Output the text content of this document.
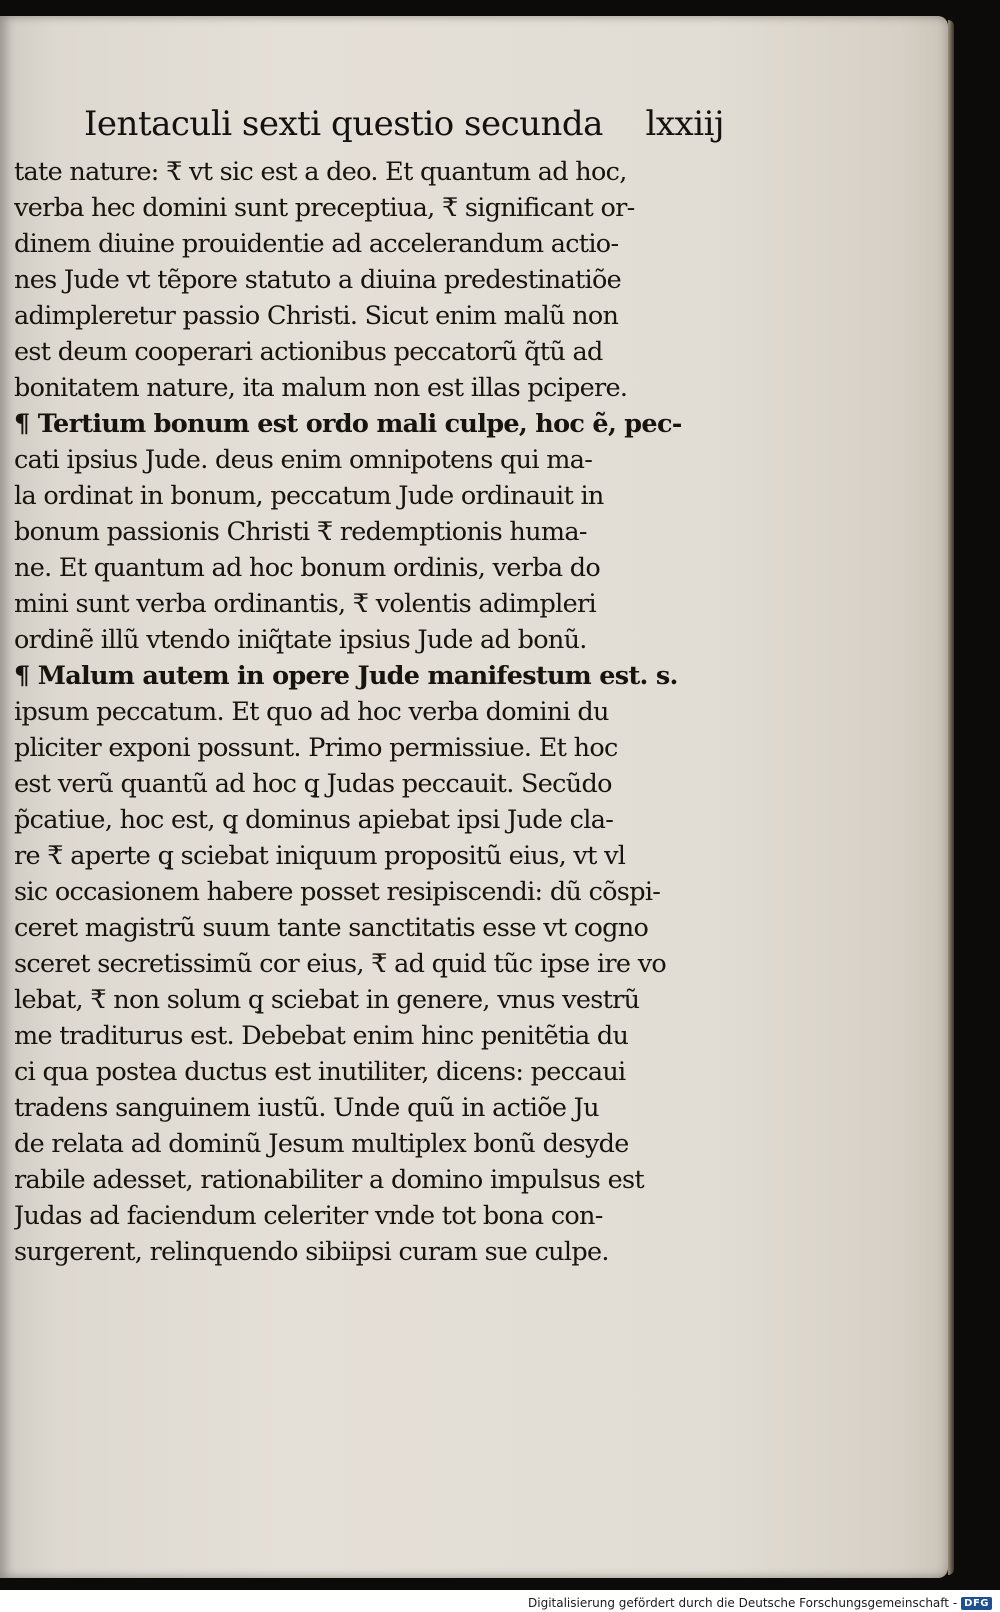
Ientaculi sexti questio secunda lxxiij
tate nature: ₹ vt sic est a deo. Et quantum ad hoc,
verba hec domini sunt preceptiua, ₹ significant or-
dinem diuine prouidentie ad accelerandum actio-
nes Jude vt tẽpore statuto a diuina predestinatiõe
adimpleretur passio Christi. Sicut enim malũ non
est deum cooperari actionibus peccatorũ q̃tũ ad
bonitatem nature, ita malum non est illas pcipere.
¶ Tertium bonum est ordo mali culpe, hoc ẽ, pec-
cati ipsius Jude. deus enim omnipotens qui ma-
la ordinat in bonum, peccatum Jude ordinauit in
bonum passionis Christi ₹ redemptionis huma-
ne. Et quantum ad hoc bonum ordinis, verba do
mini sunt verba ordinantis, ₹ volentis adimpleri
ordinẽ illũ vtendo iniq̃tate ipsius Jude ad bonũ.
¶ Malum autem in opere Jude manifestum est. s.
ipsum peccatum. Et quo ad hoc verba domini du
pliciter exponi possunt. Primo permissiue. Et hoc
est verũ quantũ ad hoc q̧ Judas peccauit. Secũdo
p̃catiue, hoc est, q̧ dominus apiebat ipsi Jude cla-
re ₹ aperte q̧ sciebat iniquum propositũ eius, vt vl
sic occasionem habere posset resipiscendi: dũ cõspi-
ceret magistrũ suum tante sanctitatis esse vt cogno
sceret secretissimũ cor eius, ₹ ad quid tũc ipse ire vo
lebat, ₹ non solum q̧ sciebat in genere, vnus vestrũ
me traditurus est. Debebat enim hinc penitẽtia du
ci qua postea ductus est inutiliter, dicens: peccaui
tradens sanguinem iustũ. Unde quũ in actiõe Ju
de relata ad dominũ Jesum multiplex bonũ desyde
rabile adesset, rationabiliter a domino impulsus est
Judas ad faciendum celeriter vnde tot bona con-
surgerent, relinquendo sibiipsi curam sue culpe.
Digitalisierung gefördert durch die Deutsche Forschungsgemeinschaft - DFG
